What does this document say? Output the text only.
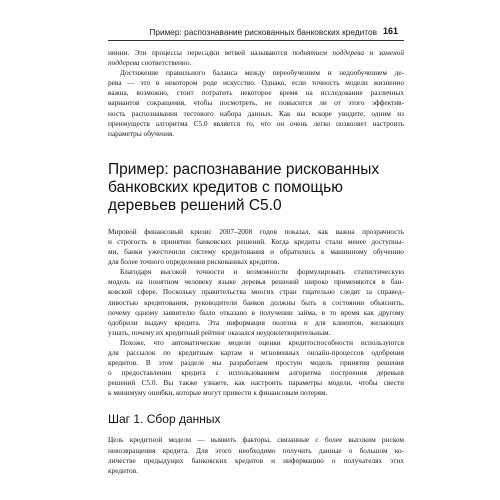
Пример: распознавание рискованных банковских кредитов 161

нинии. Эти процессы пересадки ветвей называются поднятием поддерева и заменой
поддерева соответственно.

Достижение правильного баланса между переобучением и недообучением де-
рева — это в некотором роде искусство. Однако, если точность модели жизненно
важна, возможно, стоит потратить некоторое время на исследование различных
вариантов сокращения, чтобы посмотреть, не повысится ли от этого эффектив-
ность распознавания тестового набора данных. Как вы вскоре увидите, одним из
преимуществ алгоритма C5.0 является то, что он очень легко позволяет настроить
параметры обучения.

Пример: распознавание рискованных
банковских кредитов с помощью
деревьев решений C5.0

Мировой финансовый кризис 2007–2008 годов показал, как важна прозрачность
и строгость в принятии банковских решений. Когда кредиты стали менее доступны-
ми, банки ужесточили систему кредитования и обратились к машинному обучению
для более точного определения рискованных кредитов.

Благодаря высокой точности и возможности формулировать статистическую
модель на понятном человеку языке деревья решений широко применяются в бан-
ковской сфере. Поскольку правительства многих стран тщательно следят за справед-
ливостью кредитования, руководители банков должны быть в состоянии объяснить,
почему одному заявителю было отказано в получении займа, в то время как другому
одобрили выдачу кредита. Эта информация полезна и для клиентов, желающих
узнать, почему их кредитный рейтинг оказался неудовлетворительным.

Похоже, что автоматические модели оценки кредитоспособности используются
для рассылок по кредитным картам и мгновенных онлайн-процессов одобрения
кредитов. В этом разделе мы разработаем простую модель принятия решения
о предоставлении кредита с использованием алгоритма построения деревьев
решений C5.0. Вы также узнаете, как настроить параметры модели, чтобы свести
к минимуму ошибки, которые могут привести к финансовым потерям.

Шаг 1. Сбор данных

Цель кредитной модели — выявить факторы, связанные с более высоким риском
невозвращения кредита. Для этого необходимо получить данные о большом ко-
личестве предыдущих банковских кредитов и информацию о получателях этих
кредитов.
